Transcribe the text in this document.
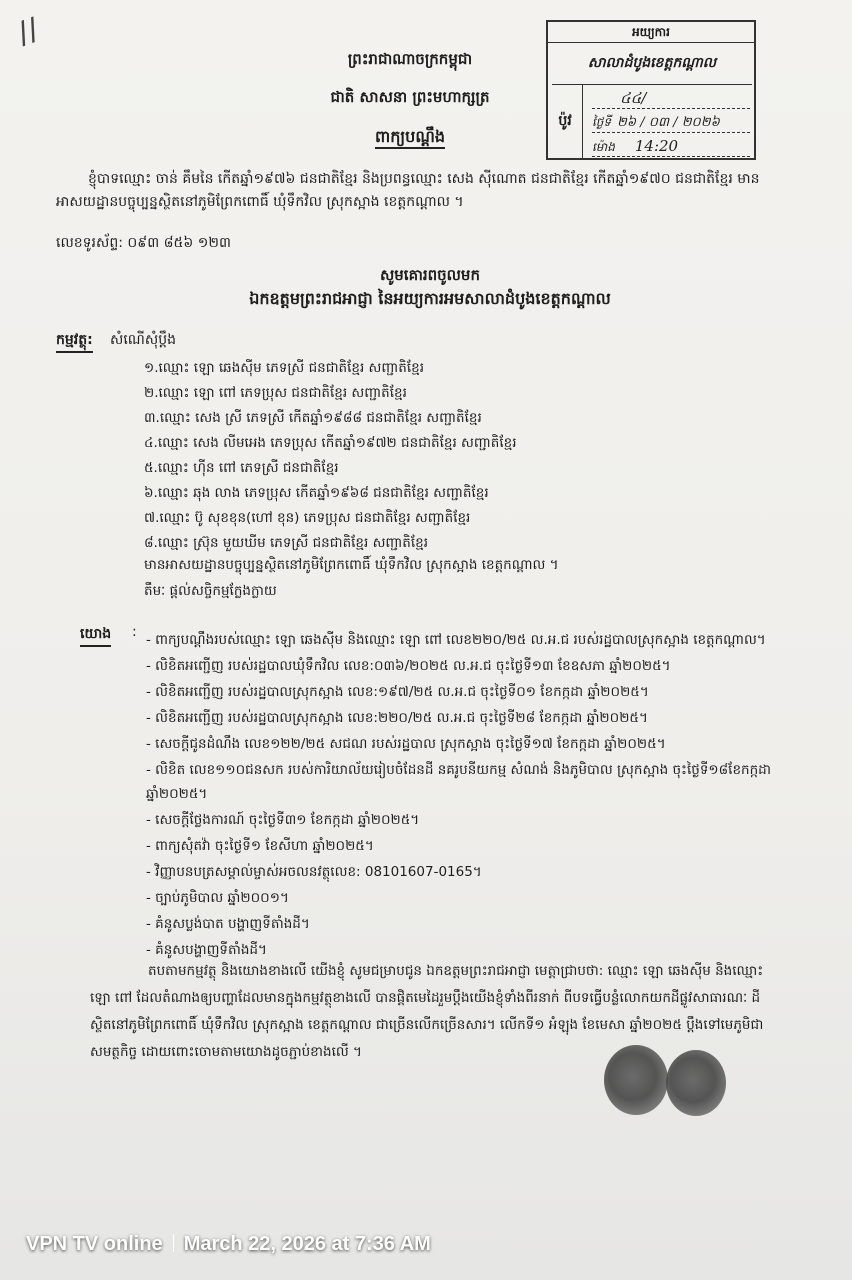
//
ព្រះរាជាណាចក្រកម្ពុជា
ជាតិ សាសនា ព្រះមហាក្សត្រ
ពាក្យបណ្តឹង
អយ្យការ
សាលាដំបូងខេត្តកណ្តាល
ប៉ូវ
៤៤/
ថ្ងៃទី ២៦ / ០៣ / ២០២៦
ម៉ោង 14:20
ខ្ញុំបាទឈ្មោះ ចាន់ គឹមនៃ កើតឆ្នាំ១៩៧៦ ជនជាតិខ្មែរ និងប្រពន្ធឈ្មោះ សេង ស៊ីណោត ជនជាតិខ្មែរ កើតឆ្នាំ១៩៧០ ជនជាតិខ្មែរ មានអាសយដ្ឋានបច្ចុប្បន្នស្ថិតនៅភូមិព្រែកពោធិ៍ ឃុំទឹកវិល ស្រុកស្អាង ខេត្តកណ្តាល ។
លេខទូរស័ព្ទ: ០៩៣ ៨៥៦ ១២៣
សូមគោរពចូលមក
ឯកឧត្តមព្រះរាជអាជ្ញា នៃអយ្យការអមសាលាដំបូងខេត្តកណ្តាល
កម្មវត្ថុ: សំណើសុំប្តឹង
១.ឈ្មោះ ឡោ ឆេងស៊ីម ភេទស្រី ជនជាតិខ្មែរ សញ្ជាតិខ្មែរ
២.ឈ្មោះ ឡោ ពៅ ភេទប្រុស ជនជាតិខ្មែរ សញ្ជាតិខ្មែរ
៣.ឈ្មោះ សេង ស្រី ភេទស្រី កើតឆ្នាំ១៩៨៨ ជនជាតិខ្មែរ សញ្ជាតិខ្មែរ
៤.ឈ្មោះ សេង លីមអេង ភេទប្រុស កើតឆ្នាំ១៩៧២ ជនជាតិខ្មែរ សញ្ជាតិខ្មែរ
៥.ឈ្មោះ ហ៊ីន ពៅ ភេទស្រី ជនជាតិខ្មែរ
៦.ឈ្មោះ ឆុង លាង ភេទប្រុស កើតឆ្នាំ១៩៦៨ ជនជាតិខ្មែរ សញ្ជាតិខ្មែរ
៧.ឈ្មោះ ប៊ូ សុខខុន(ហៅ ខុន) ភេទប្រុស ជនជាតិខ្មែរ សញ្ជាតិខ្មែរ
៨.ឈ្មោះ ស្រ៊ុន មួយឃីម ភេទស្រី ជនជាតិខ្មែរ សញ្ជាតិខ្មែរ
មានអាសយដ្ឋានបច្ចុប្បន្នស្ថិតនៅភូមិព្រែកពោធិ៍ ឃុំទឹកវិល ស្រុកស្អាង ខេត្តកណ្តាល ។
តឹមៈ ផ្តល់សច្ចិកម្មក្លែងក្លាយ
យោង : - ពាក្យបណ្តឹងរបស់ឈ្មោះ ឡោ ឆេងស៊ីម និងឈ្មោះ ឡោ ពៅ លេខ២២០/២៥ ល.អ.ជ របស់រដ្ឋបាលស្រុកស្អាង ខេត្តកណ្តាល។
- លិខិតអញ្ជើញ របស់រដ្ឋបាលឃុំទឹកវិល លេខ:០៣៦/២០២៥ ល.អ.ជ ចុះថ្ងៃទី១៣ ខែឧសភា ឆ្នាំ២០២៥។
- លិខិតអញ្ជើញ របស់រដ្ឋបាលស្រុកស្អាង លេខ:១៩៧/២៥ ល.អ.ជ ចុះថ្ងៃទី០១ ខែកក្កដា ឆ្នាំ២០២៥។
- លិខិតអញ្ជើញ របស់រដ្ឋបាលស្រុកស្អាង លេខ:២២០/២៥ ល.អ.ជ ចុះថ្ងៃទី២៨ ខែកក្កដា ឆ្នាំ២០២៥។
- សេចក្តីជូនដំណឹង លេខ១២២/២៥ សជណ របស់រដ្ឋបាល ស្រុកស្អាង ចុះថ្ងៃទី១៧ ខែកក្កដា ឆ្នាំ២០២៥។
- លិខិត លេខ១១០ជនសក របស់ការិយាល័យរៀបចំដែនដី នគរូបនីយកម្ម សំណង់ និងភូមិបាល ស្រុកស្អាង ចុះថ្ងៃទី១៨ខែកក្កដា ឆ្នាំ២០២៥។
- សេចក្តីថ្លែងការណ៍ ចុះថ្ងៃទី៣១ ខែកក្កដា ឆ្នាំ២០២៥។
- ពាក្យសុំតវ៉ា ចុះថ្ងៃទី១ ខែសីហា ឆ្នាំ២០២៥។
- វិញ្ញាបនបត្រសម្គាល់ម្ចាស់អចលនវត្ថុលេខ: 08101607-0165។
- ច្បាប់ភូមិបាល ឆ្នាំ២០០១។
- គំនូសប្លង់បាត បង្ហាញទីតាំងដី។
- គំនូសបង្ហាញទីតាំងដី។
តបតាមកម្មវត្ថុ និងយោងខាងលើ យើងខ្ញុំ សូមជម្រាបជូន ឯកឧត្តមព្រះរាជអាជ្ញា មេត្តាជ្រាបថា: ឈ្មោះ ឡោ ឆេងស៊ីម និងឈ្មោះ ឡោ ពៅ ដែលតំណាងឲ្យបញ្ហាដែលមានក្នុងកម្មវត្ថុខាងលើ បានផ្តិតមេដៃរួមប្តឹងយើងខ្ញុំទាំងពីរនាក់ ពីបទធ្វើបន្លំលោកយកដីផ្លូវសាធារណៈ ដីស្ថិតនៅភូមិព្រែកពោធិ៍ ឃុំទឹកវិល ស្រុកស្អាង ខេត្តកណ្តាល ជាច្រើនលើកច្រើនសារ។ លើកទី១ អំឡុង ខែមេសា ឆ្នាំ២០២៥ ប្តឹងទៅមេភូមិជាសមត្ថកិច្ច ដោយពោះចោមតាមយោងដូចភ្ជាប់ខាងលើ ។
VPN TV online March 22, 2026 at 7:36 AM
